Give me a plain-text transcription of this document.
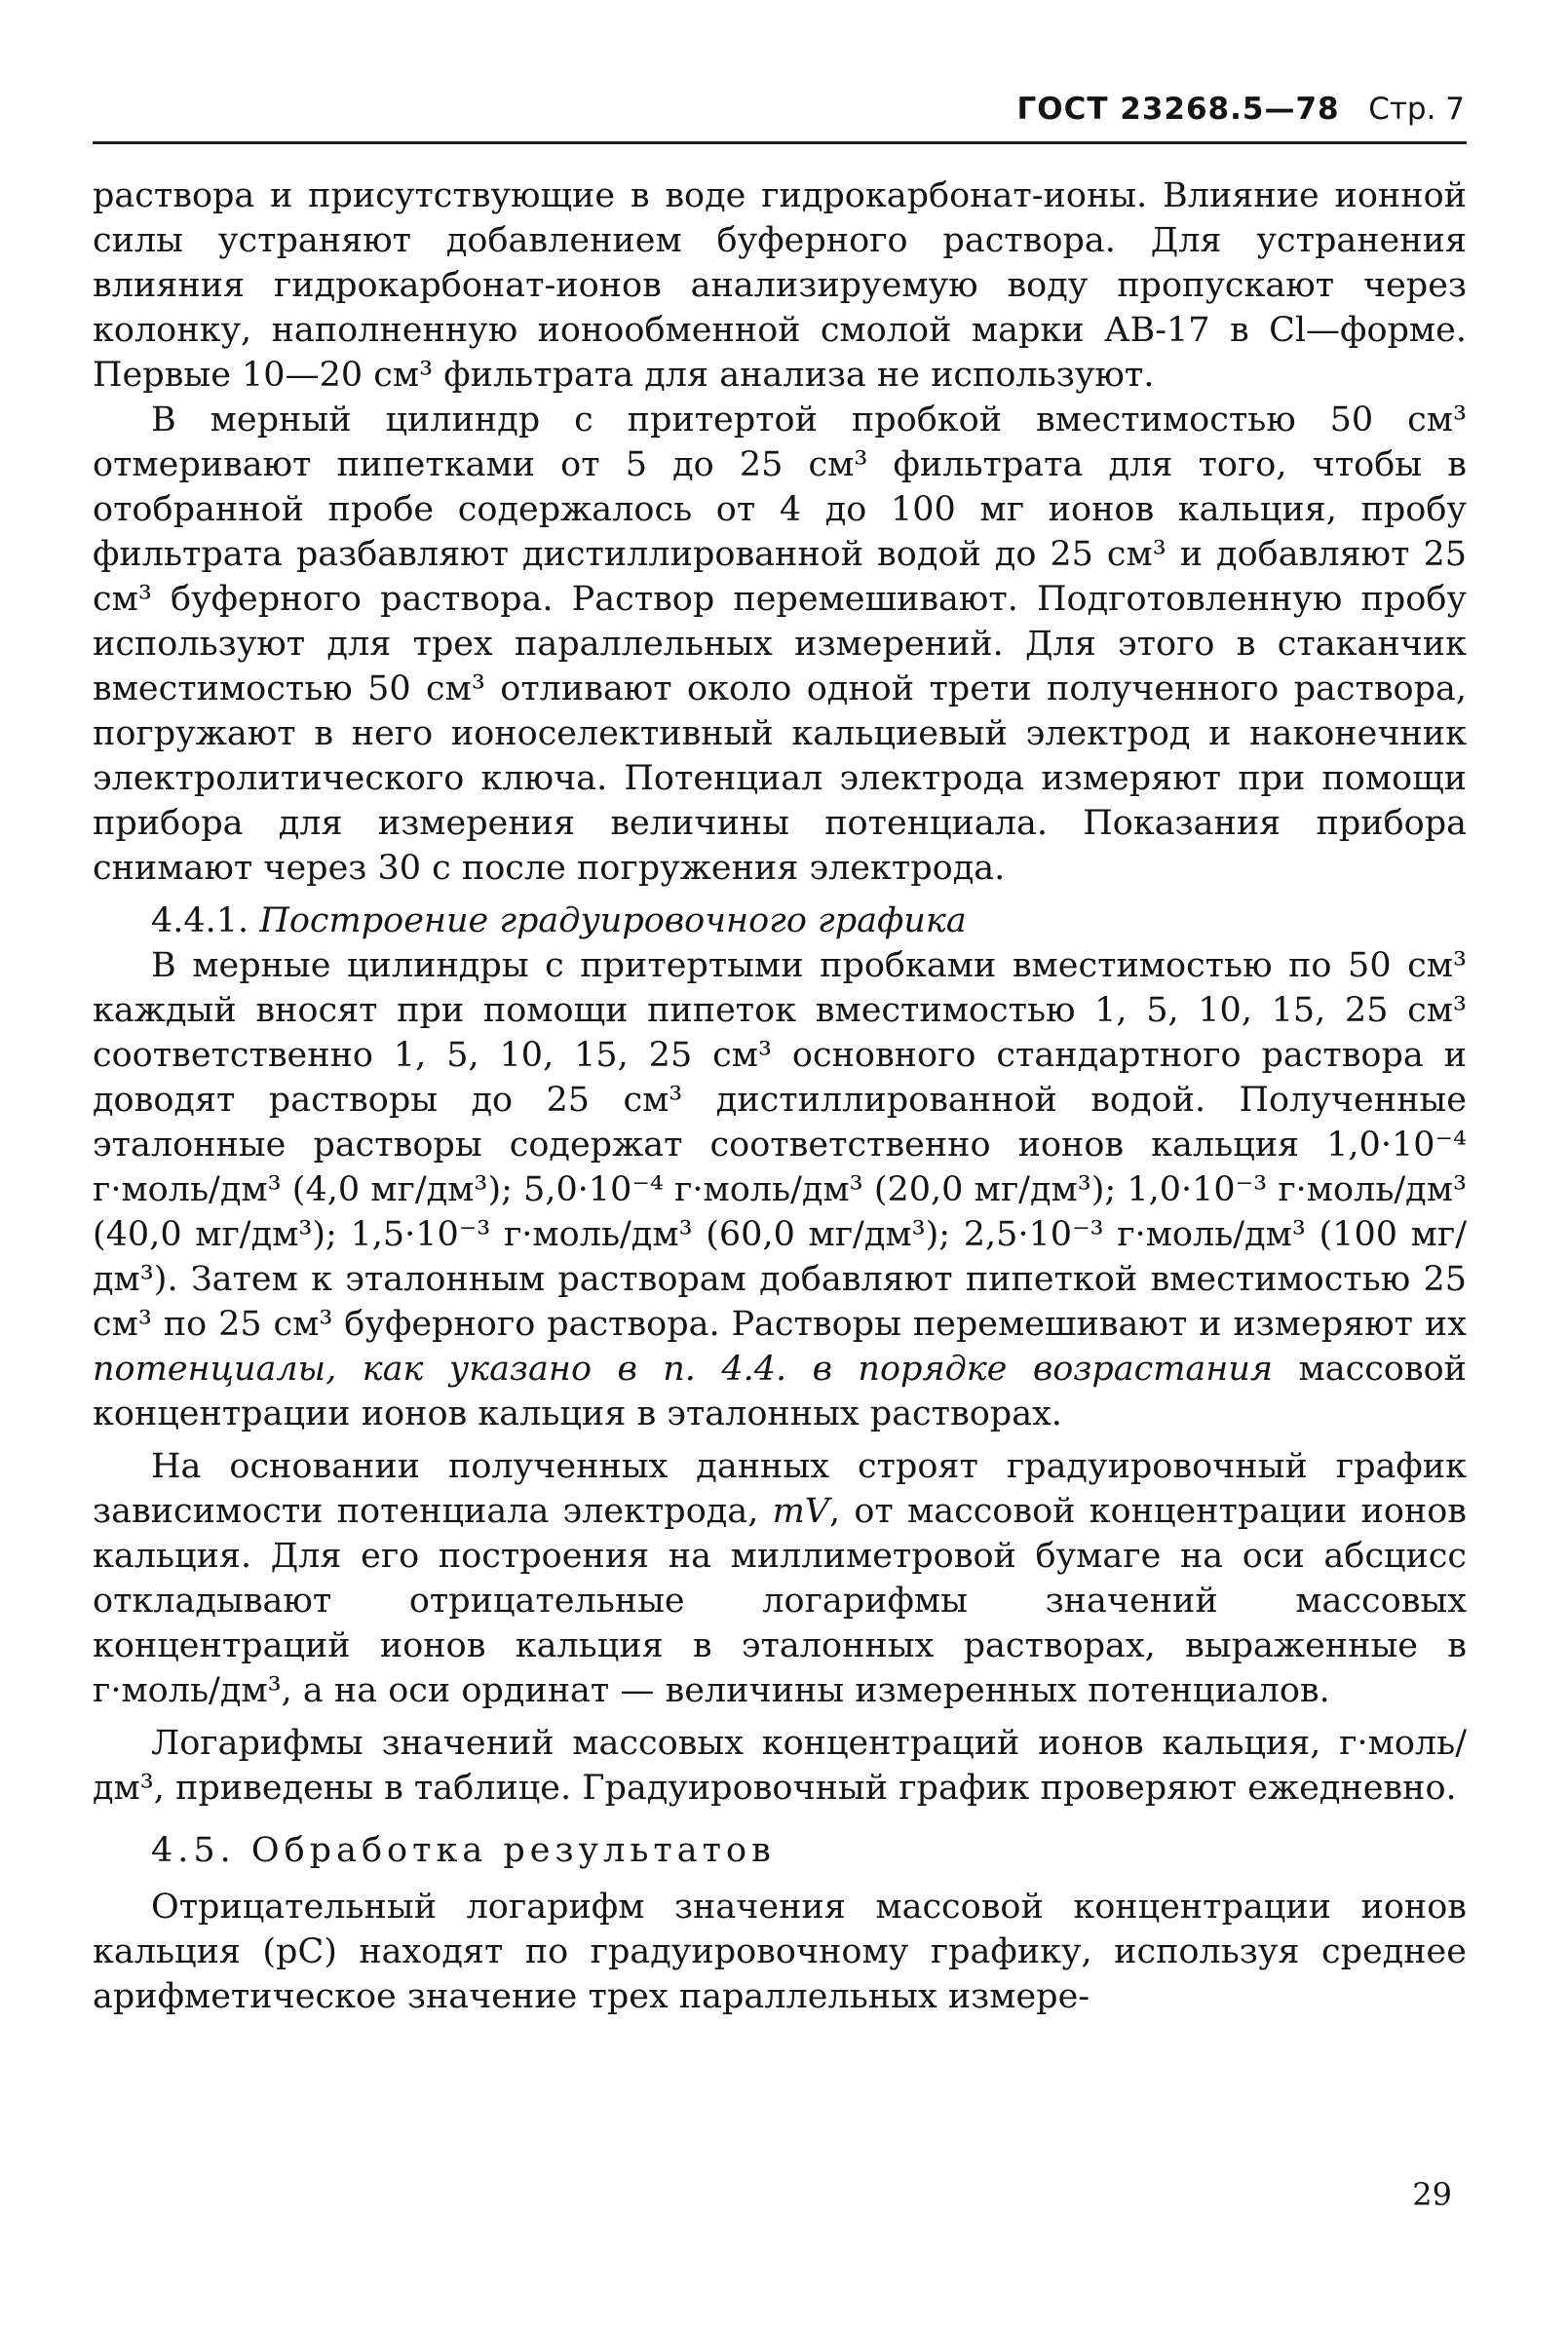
ГОСТ 23268.5—78 Стр. 7

раствора и присутствующие в воде гидрокарбонат-ионы. Влияние ионной силы устраняют добавлением буферного раствора. Для устранения влияния гидрокарбонат-ионов анализируемую воду пропускают через колонку, наполненную ионообменной смолой марки АВ-17 в Cl—форме. Первые 10—20 см³ фильтрата для анализа не используют.

В мерный цилиндр с притертой пробкой вместимостью 50 см³ отмеривают пипетками от 5 до 25 см³ фильтрата для того, чтобы в отобранной пробе содержалось от 4 до 100 мг ионов кальция, пробу фильтрата разбавляют дистиллированной водой до 25 см³ и добавляют 25 см³ буферного раствора. Раствор перемешивают. Подготовленную пробу используют для трех параллельных измерений. Для этого в стаканчик вместимостью 50 см³ отливают около одной трети полученного раствора, погружают в него ионоселективный кальциевый электрод и наконечник электролитического ключа. Потенциал электрода измеряют при помощи прибора для измерения величины потенциала. Показания прибора снимают через 30 с после погружения электрода.

4.4.1. Построение градуировочного графика

В мерные цилиндры с притертыми пробками вместимостью по 50 см³ каждый вносят при помощи пипеток вместимостью 1, 5, 10, 15, 25 см³ соответственно 1, 5, 10, 15, 25 см³ основного стандартного раствора и доводят растворы до 25 см³ дистиллированной водой. Полученные эталонные растворы содержат соответственно ионов кальция 1,0·10⁻⁴ г·моль/дм³ (4,0 мг/дм³); 5,0·10⁻⁴ г·моль/дм³ (20,0 мг/дм³); 1,0·10⁻³ г·моль/дм³ (40,0 мг/дм³); 1,5·10⁻³ г·моль/дм³ (60,0 мг/дм³); 2,5·10⁻³ г·моль/дм³ (100 мг/дм³). Затем к эталонным растворам добавляют пипеткой вместимостью 25 см³ по 25 см³ буферного раствора. Растворы перемешивают и измеряют их потенциалы, как указано в п. 4.4. в порядке возрастания массовой концентрации ионов кальция в эталонных растворах.

На основании полученных данных строят градуировочный график зависимости потенциала электрода, mV, от массовой концентрации ионов кальция. Для его построения на миллиметровой бумаге на оси абсцисс откладывают отрицательные логарифмы значений массовых концентраций ионов кальция в эталонных растворах, выраженные в г·моль/дм³, а на оси ординат — величины измеренных потенциалов.

Логарифмы значений массовых концентраций ионов кальция, г·моль/дм³, приведены в таблице. Градуировочный график проверяют ежедневно.

4.5. Обработка результатов

Отрицательный логарифм значения массовой концентрации ионов кальция (pC) находят по градуировочному графику, используя среднее арифметическое значение трех параллельных измере-

29
